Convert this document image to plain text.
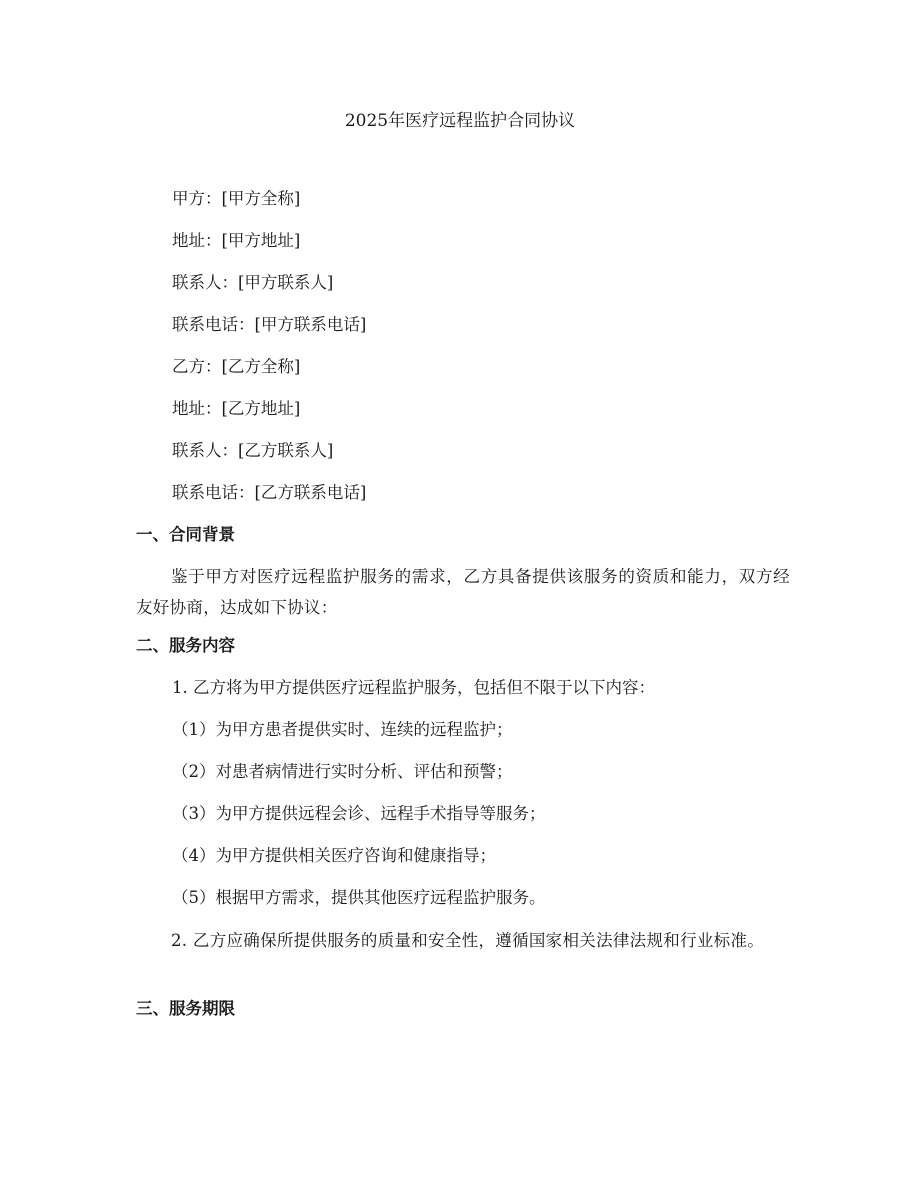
2025年医疗远程监护合同协议
甲方：[甲方全称]
地址：[甲方地址]
联系人：[甲方联系人]
联系电话：[甲方联系电话]
乙方：[乙方全称]
地址：[乙方地址]
联系人：[乙方联系人]
联系电话：[乙方联系电话]
一、合同背景
鉴于甲方对医疗远程监护服务的需求，乙方具备提供该服务的资质和能力，双方经友好协商，达成如下协议：
二、服务内容
1. 乙方将为甲方提供医疗远程监护服务，包括但不限于以下内容：
（1）为甲方患者提供实时、连续的远程监护；
（2）对患者病情进行实时分析、评估和预警；
（3）为甲方提供远程会诊、远程手术指导等服务；
（4）为甲方提供相关医疗咨询和健康指导；
（5）根据甲方需求，提供其他医疗远程监护服务。
2. 乙方应确保所提供服务的质量和安全性，遵循国家相关法律法规和行业标准。
三、服务期限
